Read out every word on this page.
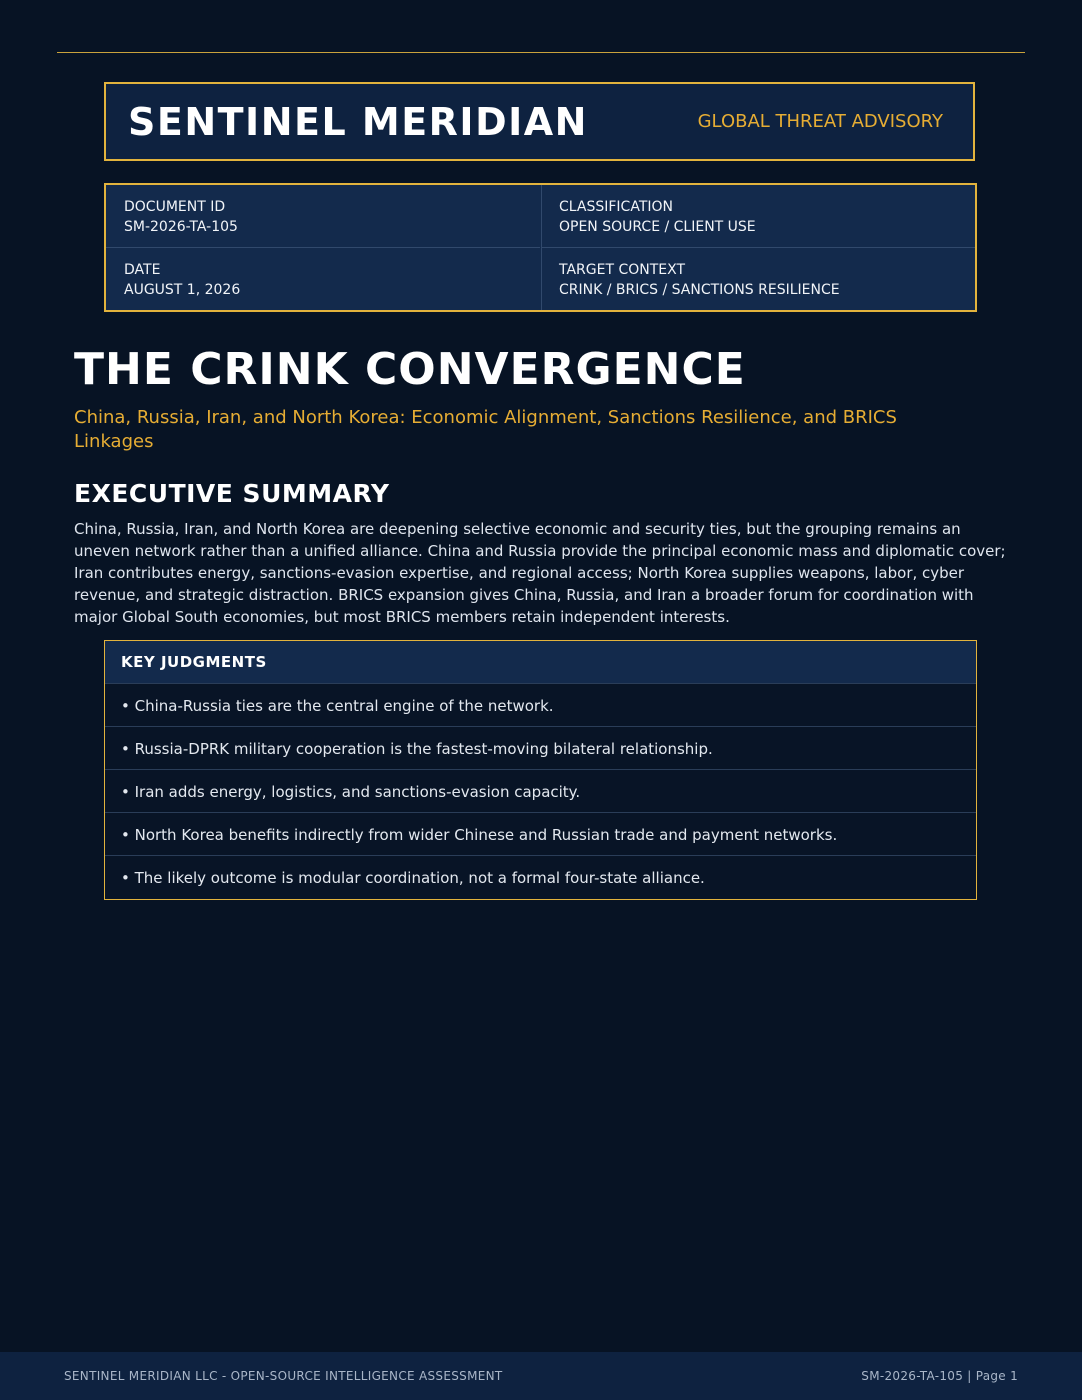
SENTINEL MERIDIAN	GLOBAL THREAT ADVISORY
DOCUMENT ID
SM-2026-TA-105
CLASSIFICATION
OPEN SOURCE / CLIENT USE
DATE
AUGUST 1, 2026
TARGET CONTEXT
CRINK / BRICS / SANCTIONS RESILIENCE
THE CRINK CONVERGENCE
China, Russia, Iran, and North Korea: Economic Alignment, Sanctions Resilience, and BRICS Linkages
EXECUTIVE SUMMARY

China, Russia, Iran, and North Korea are deepening selective economic and security ties, but the grouping remains an uneven network rather than a unified alliance. China and Russia provide the principal economic mass and diplomatic cover; Iran contributes energy, sanctions-evasion expertise, and regional access; North Korea supplies weapons, labor, cyber revenue, and strategic distraction. BRICS expansion gives China, Russia, and Iran a broader forum for coordination with major Global South economies, but most BRICS members retain independent interests.

KEY JUDGMENTS
• China-Russia ties are the central engine of the network.
• Russia-DPRK military cooperation is the fastest-moving bilateral relationship.
• Iran adds energy, logistics, and sanctions-evasion capacity.
• North Korea benefits indirectly from wider Chinese and Russian trade and payment networks.
• The likely outcome is modular coordination, not a formal four-state alliance.
SENTINEL MERIDIAN LLC - OPEN-SOURCE INTELLIGENCE ASSESSMENT	SM-2026-TA-105 | Page 1
